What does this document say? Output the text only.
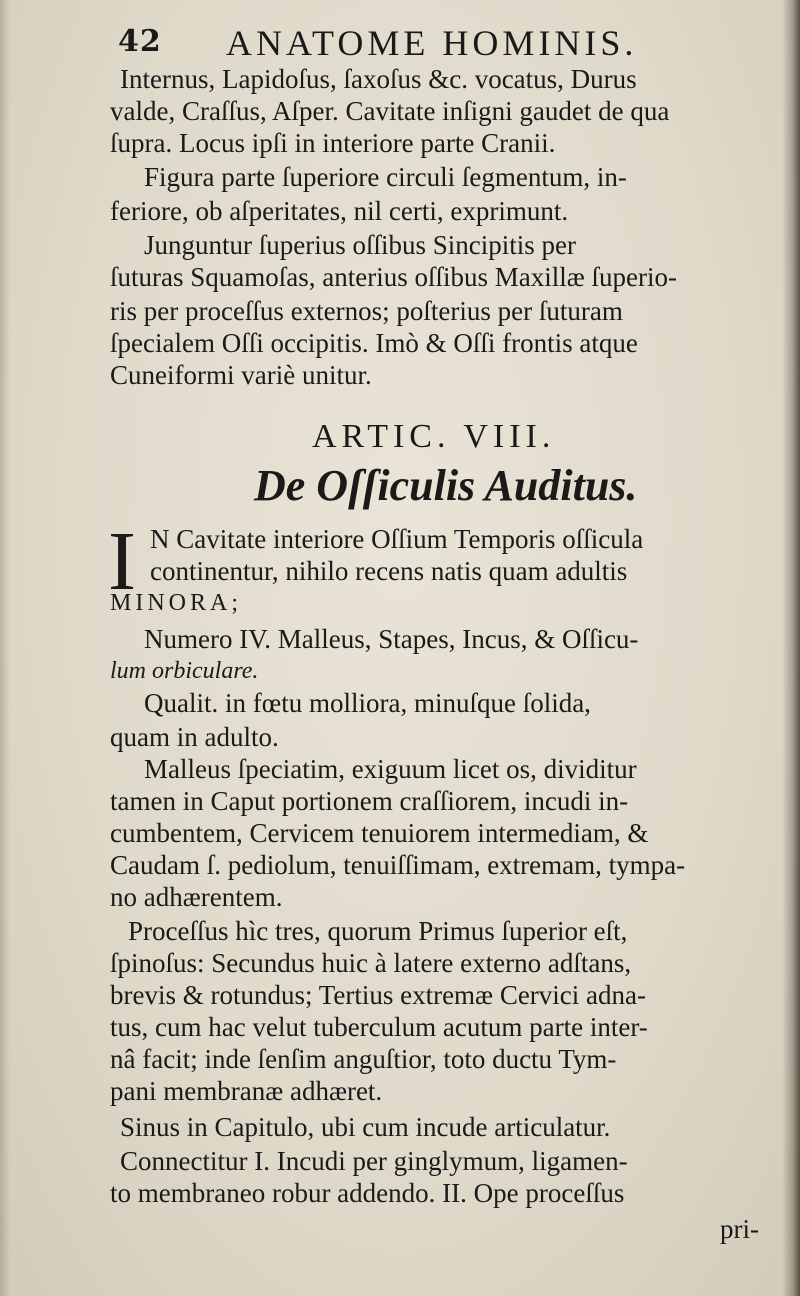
42 ANATOME HOMINIS.
Internus, Lapidoſus, ſaxoſus &c. vocatus, Durus
valde, Craſſus, Aſper. Cavitate inſigni gaudet de qua
ſupra. Locus ipſi in interiore parte Cranii.
Figura parte ſuperiore circuli ſegmentum, in-
feriore, ob aſperitates, nil certi, exprimunt.
Junguntur ſuperius oſſibus Sincipitis per
ſuturas Squamoſas, anterius oſſibus Maxillæ ſuperio-
ris per proceſſus externos; poſterius per ſuturam
ſpecialem Oſſi occipitis. Imò & Oſſi frontis atque
Cuneiformi variè unitur.
ARTIC. VIII.
De Oſſiculis Auditus.
I N Cavitate interiore Oſſium Temporis oſſicula
continentur, nihilo recens natis quam adultis
MINORA;
Numero IV. Malleus, Stapes, Incus, & Oſſicu-
lum orbiculare.
Qualit. in fœtu molliora, minuſque ſolida,
quam in adulto.
Malleus ſpeciatim, exiguum licet os, dividitur
tamen in Caput portionem craſſiorem, incudi in-
cumbentem, Cervicem tenuiorem intermediam, &
Caudam ſ. pediolum, tenuiſſimam, extremam, tympa-
no adhærentem.
Proceſſus hìc tres, quorum Primus ſuperior eſt,
ſpinoſus: Secundus huic à latere externo adſtans,
brevis & rotundus; Tertius extremæ Cervici adna-
tus, cum hac velut tuberculum acutum parte inter-
nâ facit; inde ſenſim anguſtior, toto ductu Tym-
pani membranæ adhæret.
Sinus in Capitulo, ubi cum incude articulatur.
Connectitur I. Incudi per ginglymum, ligamen-
to membraneo robur addendo. II. Ope proceſſus
pri-
